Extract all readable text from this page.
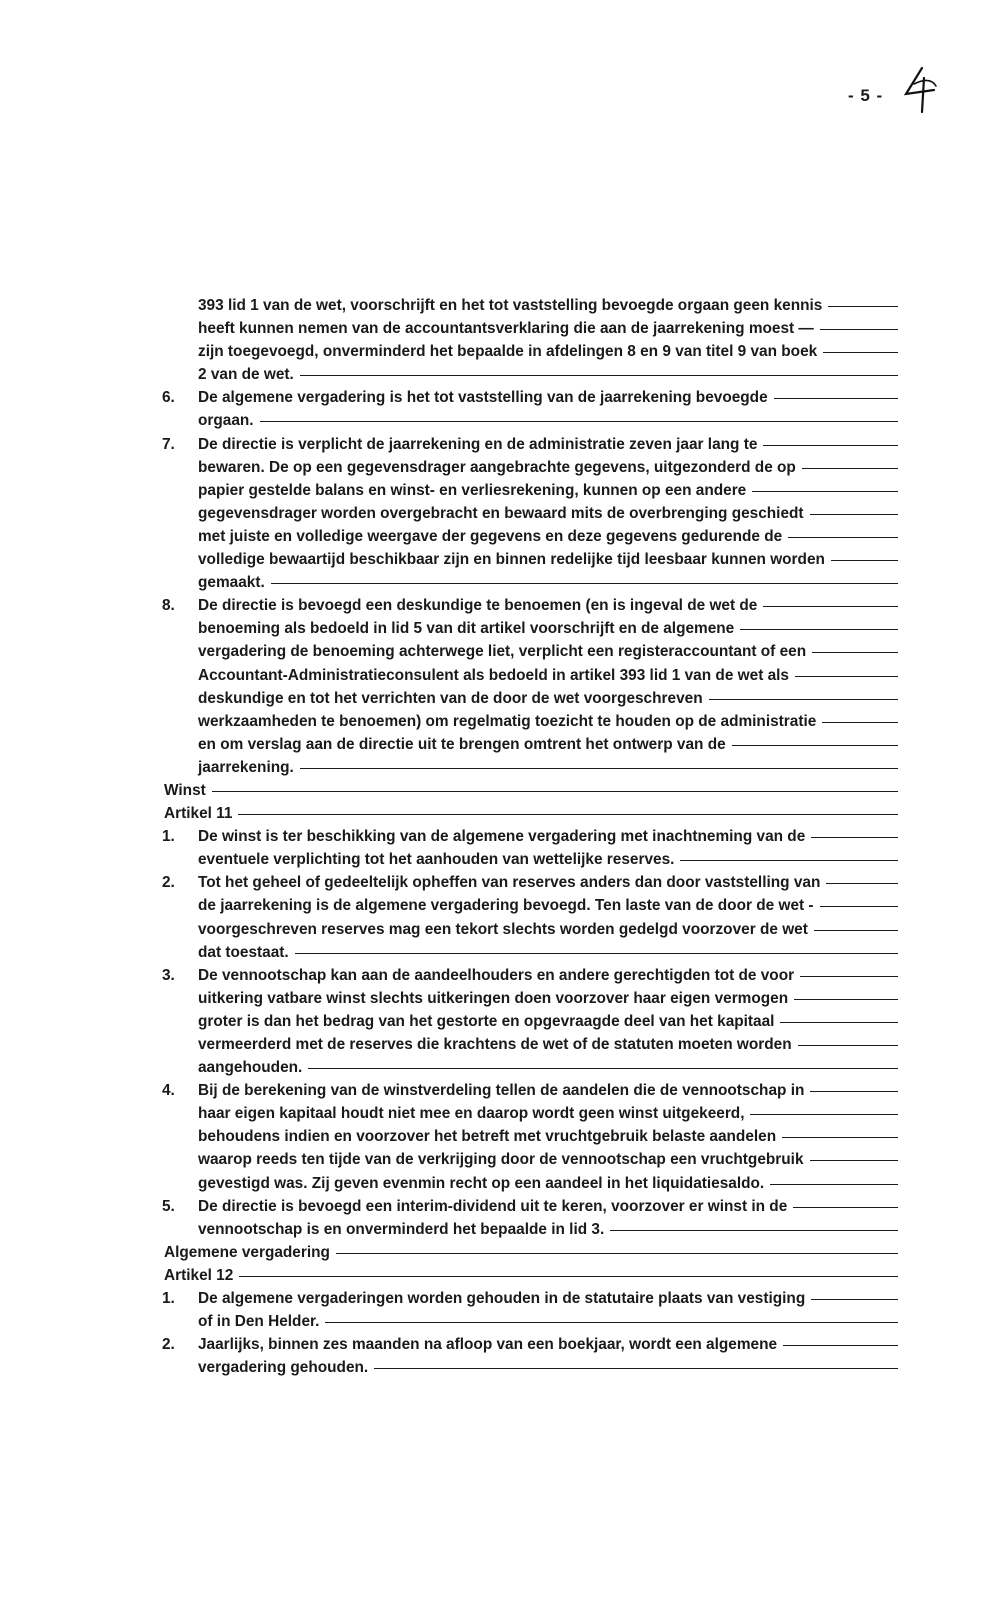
- 5 -
393 lid 1 van de wet, voorschrijft en het tot vaststelling bevoegde orgaan geen kennis
heeft kunnen nemen van de accountantsverklaring die aan de jaarrekening moest —
zijn toegevoegd, onverminderd het bepaalde in afdelingen 8 en 9 van titel 9 van boek
2 van de wet.
6. De algemene vergadering is het tot vaststelling van de jaarrekening bevoegde
orgaan.
7. De directie is verplicht de jaarrekening en de administratie zeven jaar lang te
bewaren. De op een gegevensdrager aangebrachte gegevens, uitgezonderd de op
papier gestelde balans en winst- en verliesrekening, kunnen op een andere
gegevensdrager worden overgebracht en bewaard mits de overbrenging geschiedt
met juiste en volledige weergave der gegevens en deze gegevens gedurende de
volledige bewaartijd beschikbaar zijn en binnen redelijke tijd leesbaar kunnen worden
gemaakt.
8. De directie is bevoegd een deskundige te benoemen (en is ingeval de wet de
benoeming als bedoeld in lid 5 van dit artikel voorschrijft en de algemene
vergadering de benoeming achterwege liet, verplicht een registeraccountant of een
Accountant-Administratieconsulent als bedoeld in artikel 393 lid 1 van de wet als
deskundige en tot het verrichten van de door de wet voorgeschreven
werkzaamheden te benoemen) om regelmatig toezicht te houden op de administratie
en om verslag aan de directie uit te brengen omtrent het ontwerp van de
jaarrekening.
Winst
Artikel 11
1. De winst is ter beschikking van de algemene vergadering met inachtneming van de
eventuele verplichting tot het aanhouden van wettelijke reserves.
2. Tot het geheel of gedeeltelijk opheffen van reserves anders dan door vaststelling van
de jaarrekening is de algemene vergadering bevoegd. Ten laste van de door de wet -
voorgeschreven reserves mag een tekort slechts worden gedelgd voorzover de wet
dat toestaat.
3. De vennootschap kan aan de aandeelhouders en andere gerechtigden tot de voor
uitkering vatbare winst slechts uitkeringen doen voorzover haar eigen vermogen
groter is dan het bedrag van het gestorte en opgevraagde deel van het kapitaal
vermeerderd met de reserves die krachtens de wet of de statuten moeten worden
aangehouden.
4. Bij de berekening van de winstverdeling tellen de aandelen die de vennootschap in
haar eigen kapitaal houdt niet mee en daarop wordt geen winst uitgekeerd,
behoudens indien en voorzover het betreft met vruchtgebruik belaste aandelen
waarop reeds ten tijde van de verkrijging door de vennootschap een vruchtgebruik
gevestigd was. Zij geven evenmin recht op een aandeel in het liquidatiesaldo.
5. De directie is bevoegd een interim-dividend uit te keren, voorzover er winst in de
vennootschap is en onverminderd het bepaalde in lid 3.
Algemene vergadering
Artikel 12
1. De algemene vergaderingen worden gehouden in de statutaire plaats van vestiging
of in Den Helder.
2. Jaarlijks, binnen zes maanden na afloop van een boekjaar, wordt een algemene
vergadering gehouden.
